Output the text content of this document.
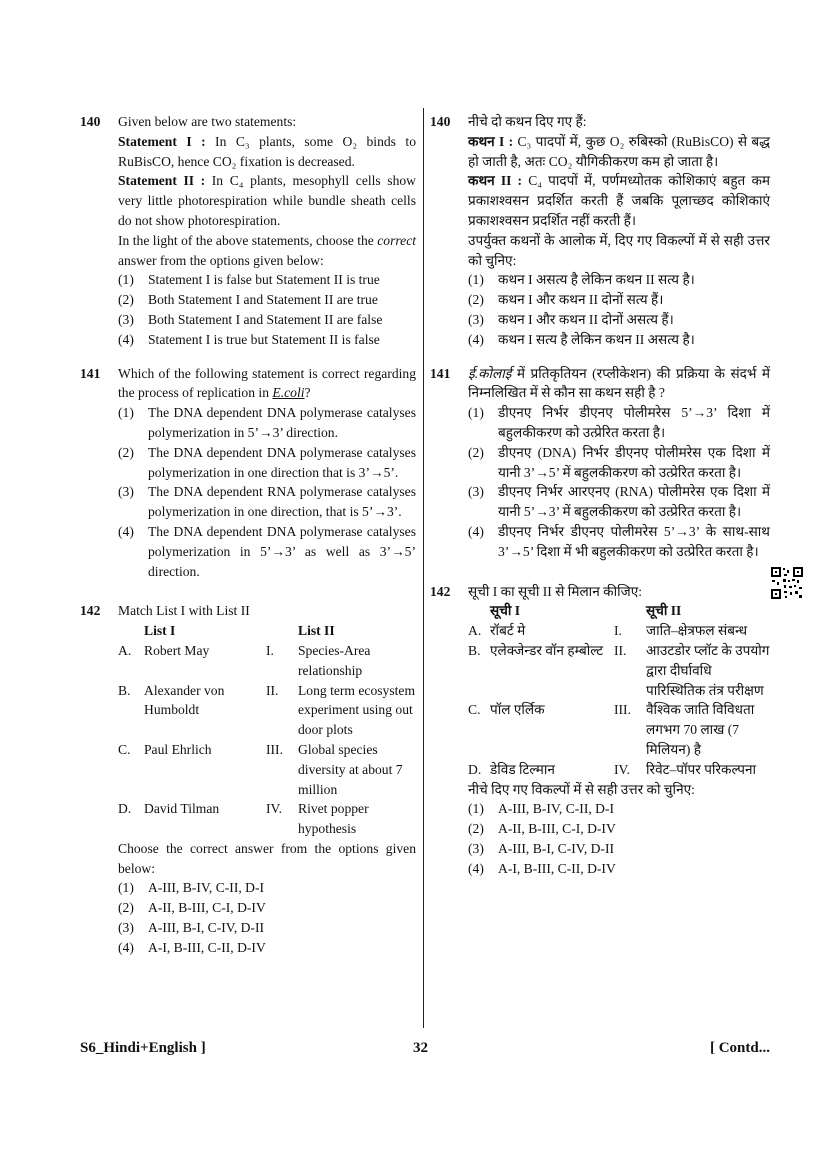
140 Given below are two statements:
Statement I : In C₃ plants, some O₂ binds to RuBisCO, hence CO₂ fixation is decreased.
Statement II : In C₄ plants, mesophyll cells show very little photorespiration while bundle sheath cells do not show photorespiration.
In the light of the above statements, choose the correct answer from the options given below:
(1)	Statement I is false but Statement II is true
(2)	Both Statement I and Statement II are true
(3)	Both Statement I and Statement II are false
(4)	Statement I is true but Statement II is false
141 Which of the following statement is correct regarding the process of replication in E.coli?
(1)	The DNA dependent DNA polymerase catalyses polymerization in 5’→3’ direction.
(2)	The DNA dependent DNA polymerase catalyses polymerization in one direction that is 3’→5’.
(3)	The DNA dependent RNA polymerase catalyses polymerization in one direction, that is 5’→3’.
(4)	The DNA dependent DNA polymerase catalyses polymerization in 5’→3’ as well as 3’→5’ direction.
142 Match List I with List II
	List I		List II
A.	Robert May	I.	Species-Area relationship
B.	Alexander von Humboldt	II.	Long term ecosystem experiment using out door plots
C.	Paul Ehrlich	III.	Global species diversity at about 7 million
D.	David Tilman	IV.	Rivet popper hypothesis
Choose the correct answer from the options given below:
(1)	A-III, B-IV, C-II, D-I
(2)	A-II, B-III, C-I, D-IV
(3)	A-III, B-I, C-IV, D-II
(4)	A-I, B-III, C-II, D-IV
140 नीचे दो कथन दिए गए हैं:
कथन I : C₃ पादपों में, कुछ O₂ रुबिस्को (RuBisCO) से बद्ध हो जाती है, अतः CO₂ यौगिकीकरण कम हो जाता है।
कथन II : C₄ पादपों में, पर्णमध्योतक कोशिकाएं बहुत कम प्रकाशश्वसन प्रदर्शित करती हैं जबकि पूलाच्छद कोशिकाएं प्रकाशश्वसन प्रदर्शित नहीं करती हैं।
उपर्युक्त कथनों के आलोक में, दिए गए विकल्पों में से सही उत्तर को चुनिए:
(1)	कथन I असत्य है लेकिन कथन II सत्य है।
(2)	कथन I और कथन II दोनों सत्य हैं।
(3)	कथन I और कथन II दोनों असत्य हैं।
(4)	कथन I सत्य है लेकिन कथन II असत्य है।
141 ई.कोलाई में प्रतिकृतियन (रप्लीकेशन) की प्रक्रिया के संदर्भ में निम्नलिखित में से कौन सा कथन सही है ?
(1)	डीएनए निर्भर डीएनए पोलीमरेस 5’→3’ दिशा में बहुलकीकरण को उत्प्रेरित करता है।
(2)	डीएनए (DNA) निर्भर डीएनए पोलीमरेस एक दिशा में यानी 3’→5’ में बहुलकीकरण को उत्प्रेरित करता है।
(3)	डीएनए निर्भर आरएनए (RNA) पोलीमरेस एक दिशा में यानी 5’→3’ में बहुलकीकरण को उत्प्रेरित करता है।
(4)	डीएनए निर्भर डीएनए पोलीमरेस 5’→3’ के साथ-साथ 3’→5’ दिशा में भी बहुलकीकरण को उत्प्रेरित करता है।
142 सूची I का सूची II से मिलान कीजिए:
	सूची I		सूची II
A.	रॉबर्ट मे	I.	जाति–क्षेत्रफल संबन्ध
B.	एलेक्जेन्डर वॉन हम्बोल्ट	II.	आउटडोर प्लॉट के उपयोग द्वारा दीर्घावधि पारिस्थितिक तंत्र परीक्षण
C.	पॉल एर्लिक	III.	वैश्विक जाति विविधता लगभग 70 लाख (7 मिलियन) है
D.	डेविड टिल्मान	IV.	रिवेट–पॉपर परिकल्पना
नीचे दिए गए विकल्पों में से सही उत्तर को चुनिए:
(1)	A-III, B-IV, C-II, D-I
(2)	A-II, B-III, C-I, D-IV
(3)	A-III, B-I, C-IV, D-II
(4)	A-I, B-III, C-II, D-IV
S6_Hindi+English ]	32	[ Contd...
